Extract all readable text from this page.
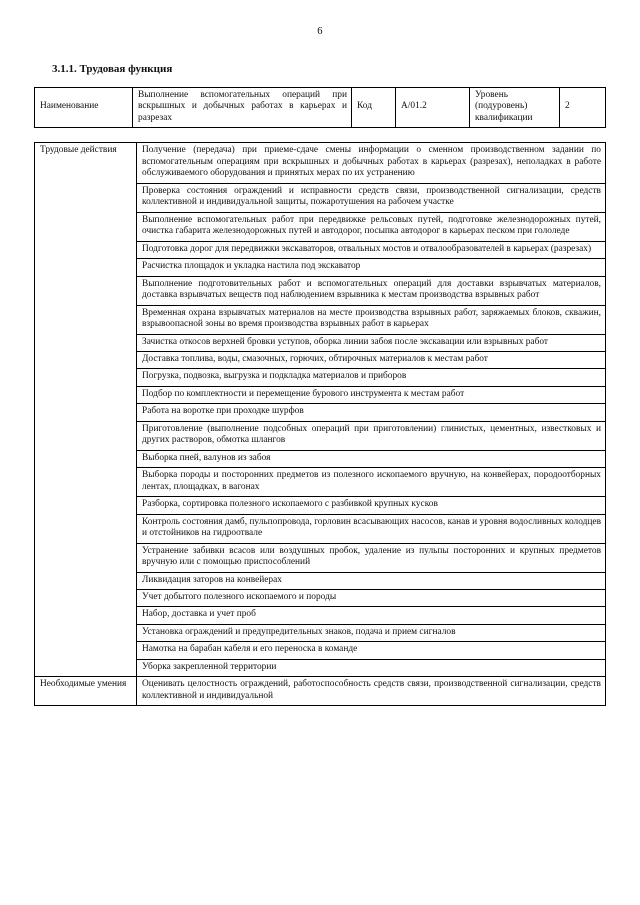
6
3.1.1. Трудовая функция
Наименование	Выполнение вспомогательных операций при вскрышных и добычных работах в карьерах и разрезах	Код	А/01.2	Уровень (подуровень) квалификации	2
Трудовые действия	Получение (передача) при приеме-сдаче смены информации о сменном производственном задании по вспомогательным операциям при вскрышных и добычных работах в карьерах (разрезах), неполадках в работе обслуживаемого оборудования и принятых мерах по их устранению
	Проверка состояния ограждений и исправности средств связи, производственной сигнализации, средств коллективной и индивидуальной защиты, пожаротушения на рабочем участке
	Выполнение вспомогательных работ при передвижке рельсовых путей, подготовке железнодорожных путей, очистка габарита железнодорожных путей и автодорог, посыпка автодорог в карьерах песком при гололеде
	Подготовка дорог для передвижки экскаваторов, отвальных мостов и отвалообразователей в карьерах (разрезах)
	Расчистка площадок и укладка настила под экскаватор
	Выполнение подготовительных работ и вспомогательных операций для доставки взрывчатых материалов, доставка взрывчатых веществ под наблюдением взрывника к местам производства взрывных работ
	Временная охрана взрывчатых материалов на месте производства взрывных работ, заряжаемых блоков, скважин, взрывоопасной зоны во время производства взрывных работ в карьерах
	Зачистка откосов верхней бровки уступов, оборка линии забоя после экскавации или взрывных работ
	Доставка топлива, воды, смазочных, горючих, обтирочных материалов к местам работ
	Погрузка, подвозка, выгрузка и подкладка материалов и приборов
	Подбор по комплектности и перемещение бурового инструмента к местам работ
	Работа на вороткe при проходке шурфов
	Приготовление (выполнение подсобных операций при приготовлении) глинистых, цементных, известковых и других растворов, обмотка шлангов
	Выборка пней, валунов из забоя
	Выборка породы и посторонних предметов из полезного ископаемого вручную, на конвейерах, породоотборных лентах, площадках, в вагонах
	Разборка, сортировка полезного ископаемого с разбивкой крупных кусков
	Контроль состояния дамб, пульпопровода, горловин всасывающих насосов, канав и уровня водосливных колодцев и отстойников на гидроотвале
	Устранение забивки всасов или воздушных пробок, удаление из пульпы посторонних и крупных предметов вручную или с помощью приспособлений
	Ликвидация заторов на конвейерах
	Учет добытого полезного ископаемого и породы
	Набор, доставка и учет проб
	Установка ограждений и предупредительных знаков, подача и прием сигналов
	Намотка на барабан кабеля и его переноска в команде
	Уборка закрепленной территории
Необходимые умения	Оценивать целостность ограждений, работоспособность средств связи, производственной сигнализации, средств коллективной и индивидуальной
